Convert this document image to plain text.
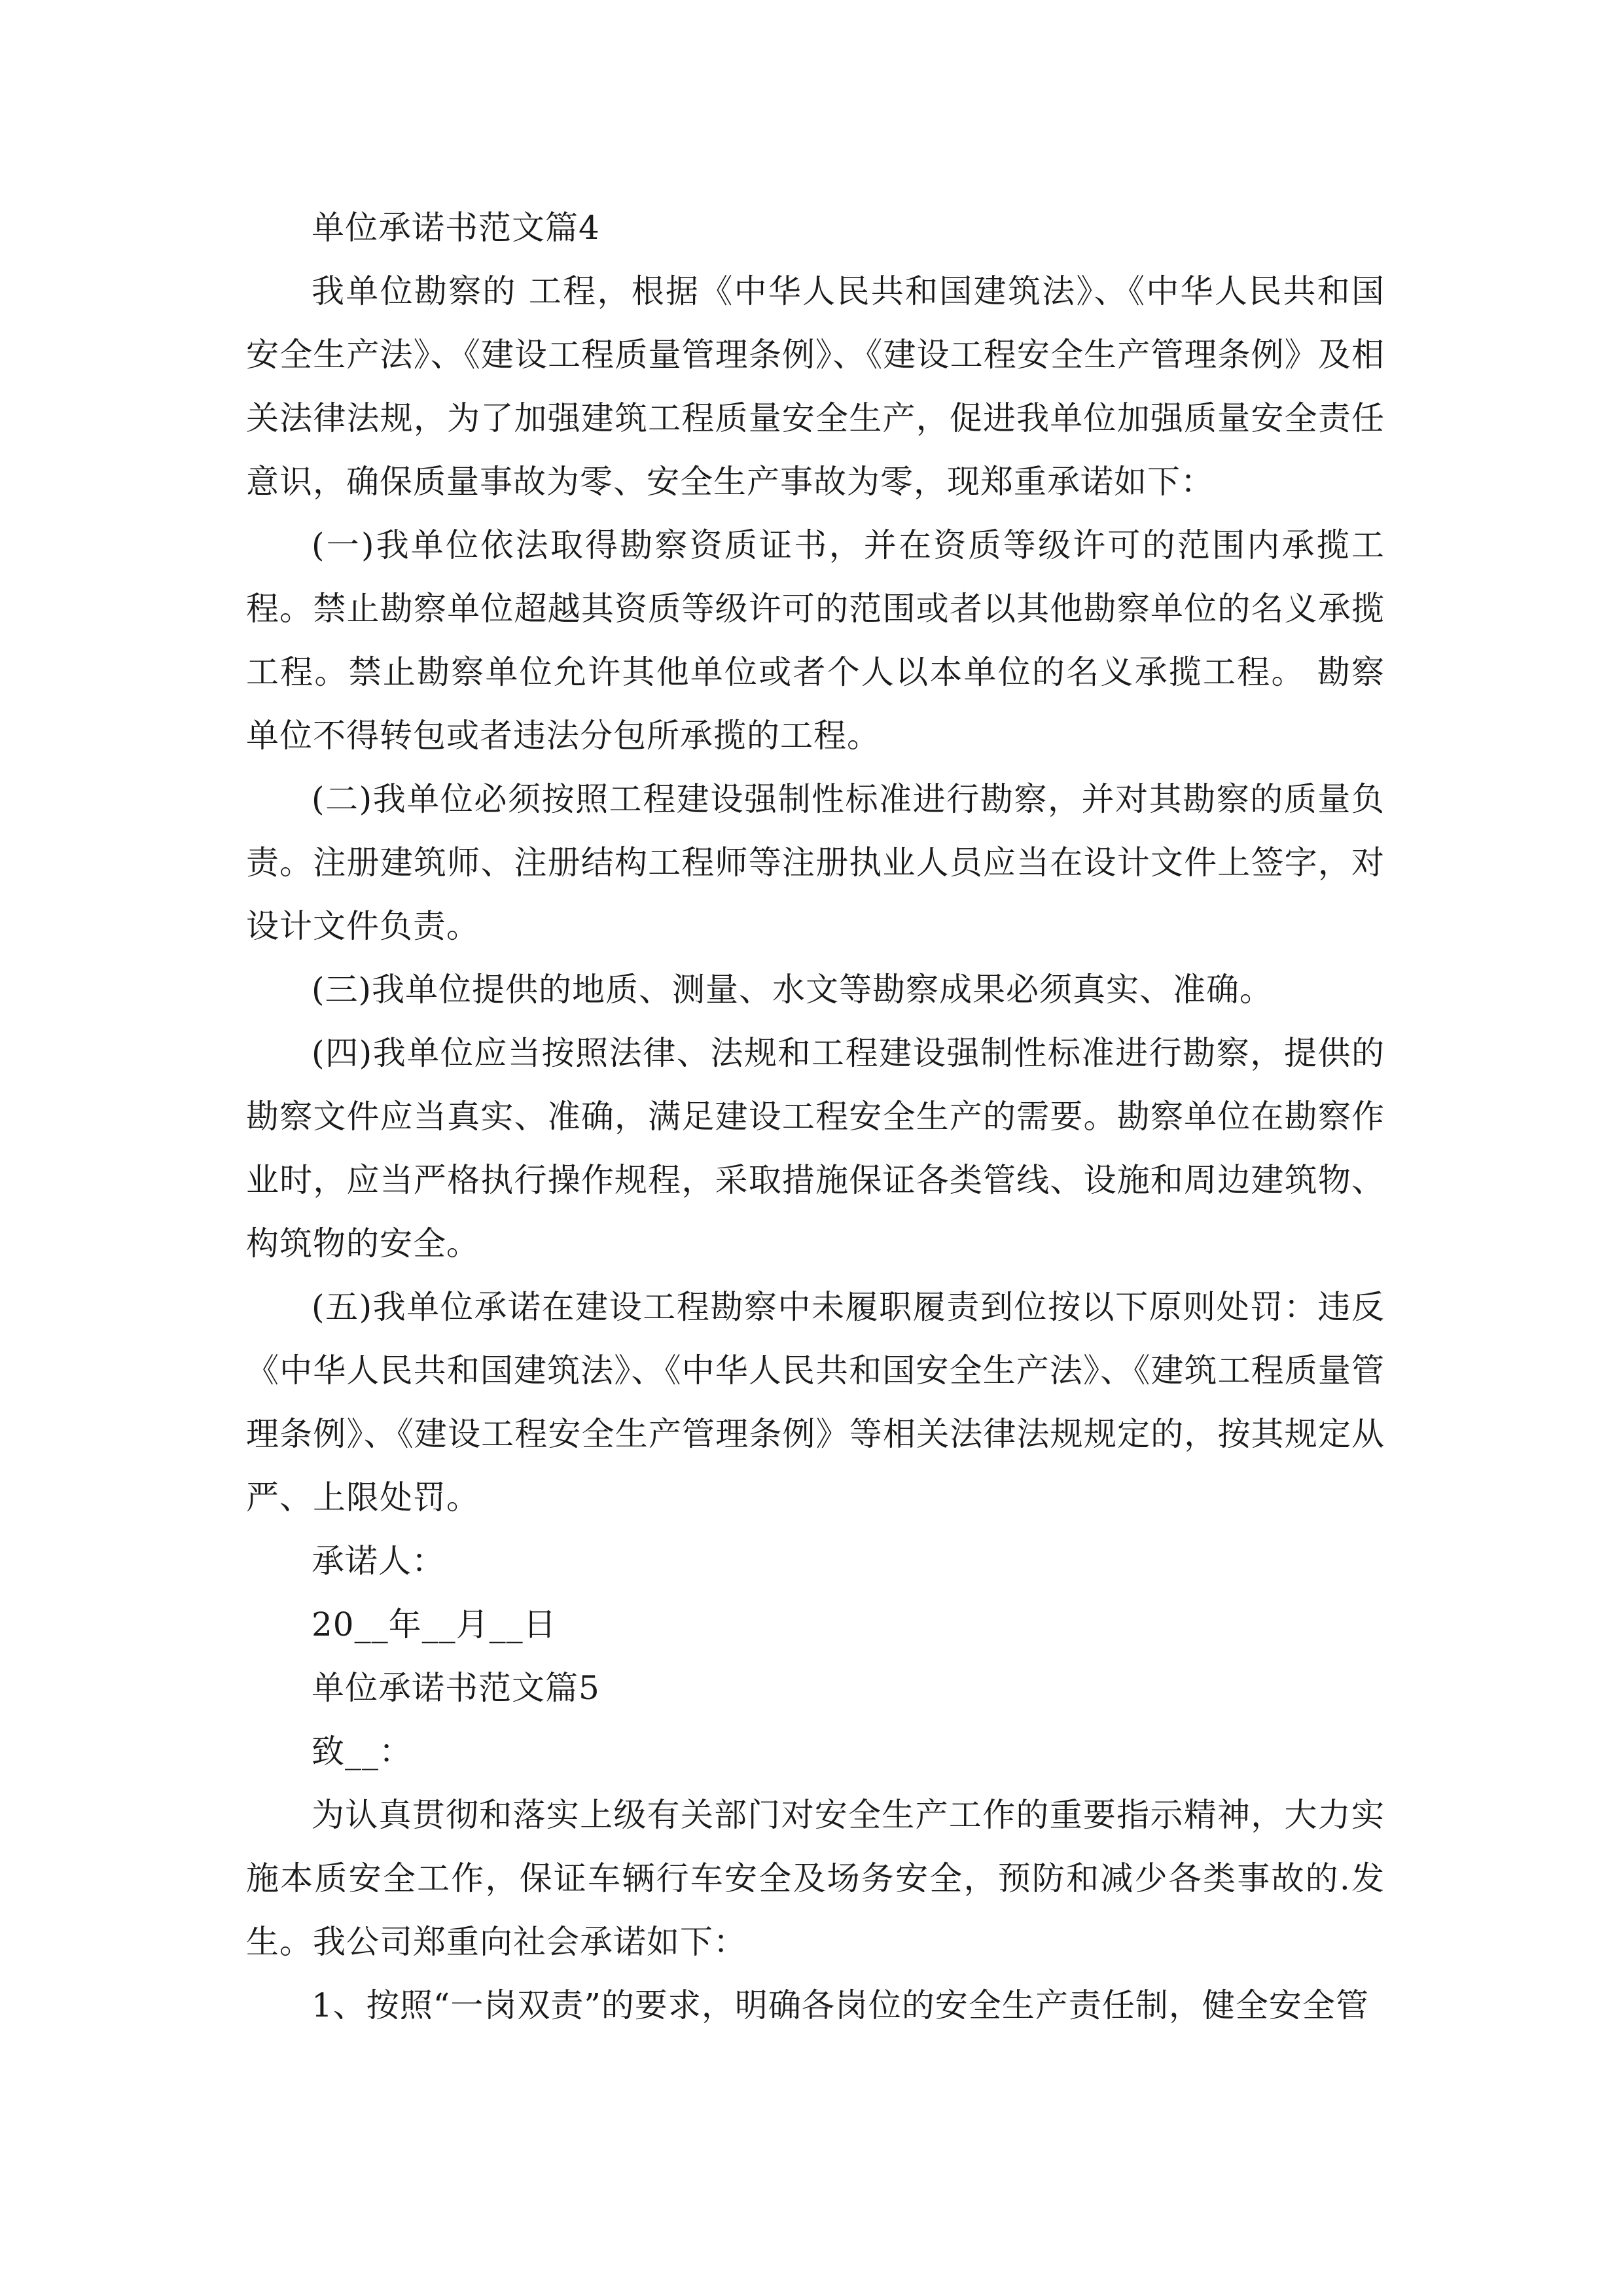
单位承诺书范文篇4

我单位勘察的 工程，根据《中华人民共和国建筑法》、《中华人民共和国安全生产法》、《建设工程质量管理条例》、《建设工程安全生产管理条例》及相关法律法规，为了加强建筑工程质量安全生产，促进我单位加强质量安全责任意识，确保质量事故为零、安全生产事故为零，现郑重承诺如下：

(一)我单位依法取得勘察资质证书，并在资质等级许可的范围内承揽工程。禁止勘察单位超越其资质等级许可的范围或者以其他勘察单位的名义承揽工程。禁止勘察单位允许其他单位或者个人以本单位的名义承揽工程。 勘察单位不得转包或者违法分包所承揽的工程。

(二)我单位必须按照工程建设强制性标准进行勘察，并对其勘察的质量负责。注册建筑师、注册结构工程师等注册执业人员应当在设计文件上签字，对设计文件负责。

(三)我单位提供的地质、测量、水文等勘察成果必须真实、准确。

(四)我单位应当按照法律、法规和工程建设强制性标准进行勘察，提供的勘察文件应当真实、准确，满足建设工程安全生产的需要。勘察单位在勘察作业时，应当严格执行操作规程，采取措施保证各类管线、设施和周边建筑物、构筑物的安全。

(五)我单位承诺在建设工程勘察中未履职履责到位按以下原则处罚：违反《中华人民共和国建筑法》、《中华人民共和国安全生产法》、《建筑工程质量管理条例》、《建设工程安全生产管理条例》等相关法律法规规定的，按其规定从严、上限处罚。

承诺人：

20__年__月__日

单位承诺书范文篇5

致__：

为认真贯彻和落实上级有关部门对安全生产工作的重要指示精神，大力实施本质安全工作，保证车辆行车安全及场务安全，预防和减少各类事故的.发生。我公司郑重向社会承诺如下：

1、按照“一岗双责”的要求，明确各岗位的安全生产责任制，健全安全管
